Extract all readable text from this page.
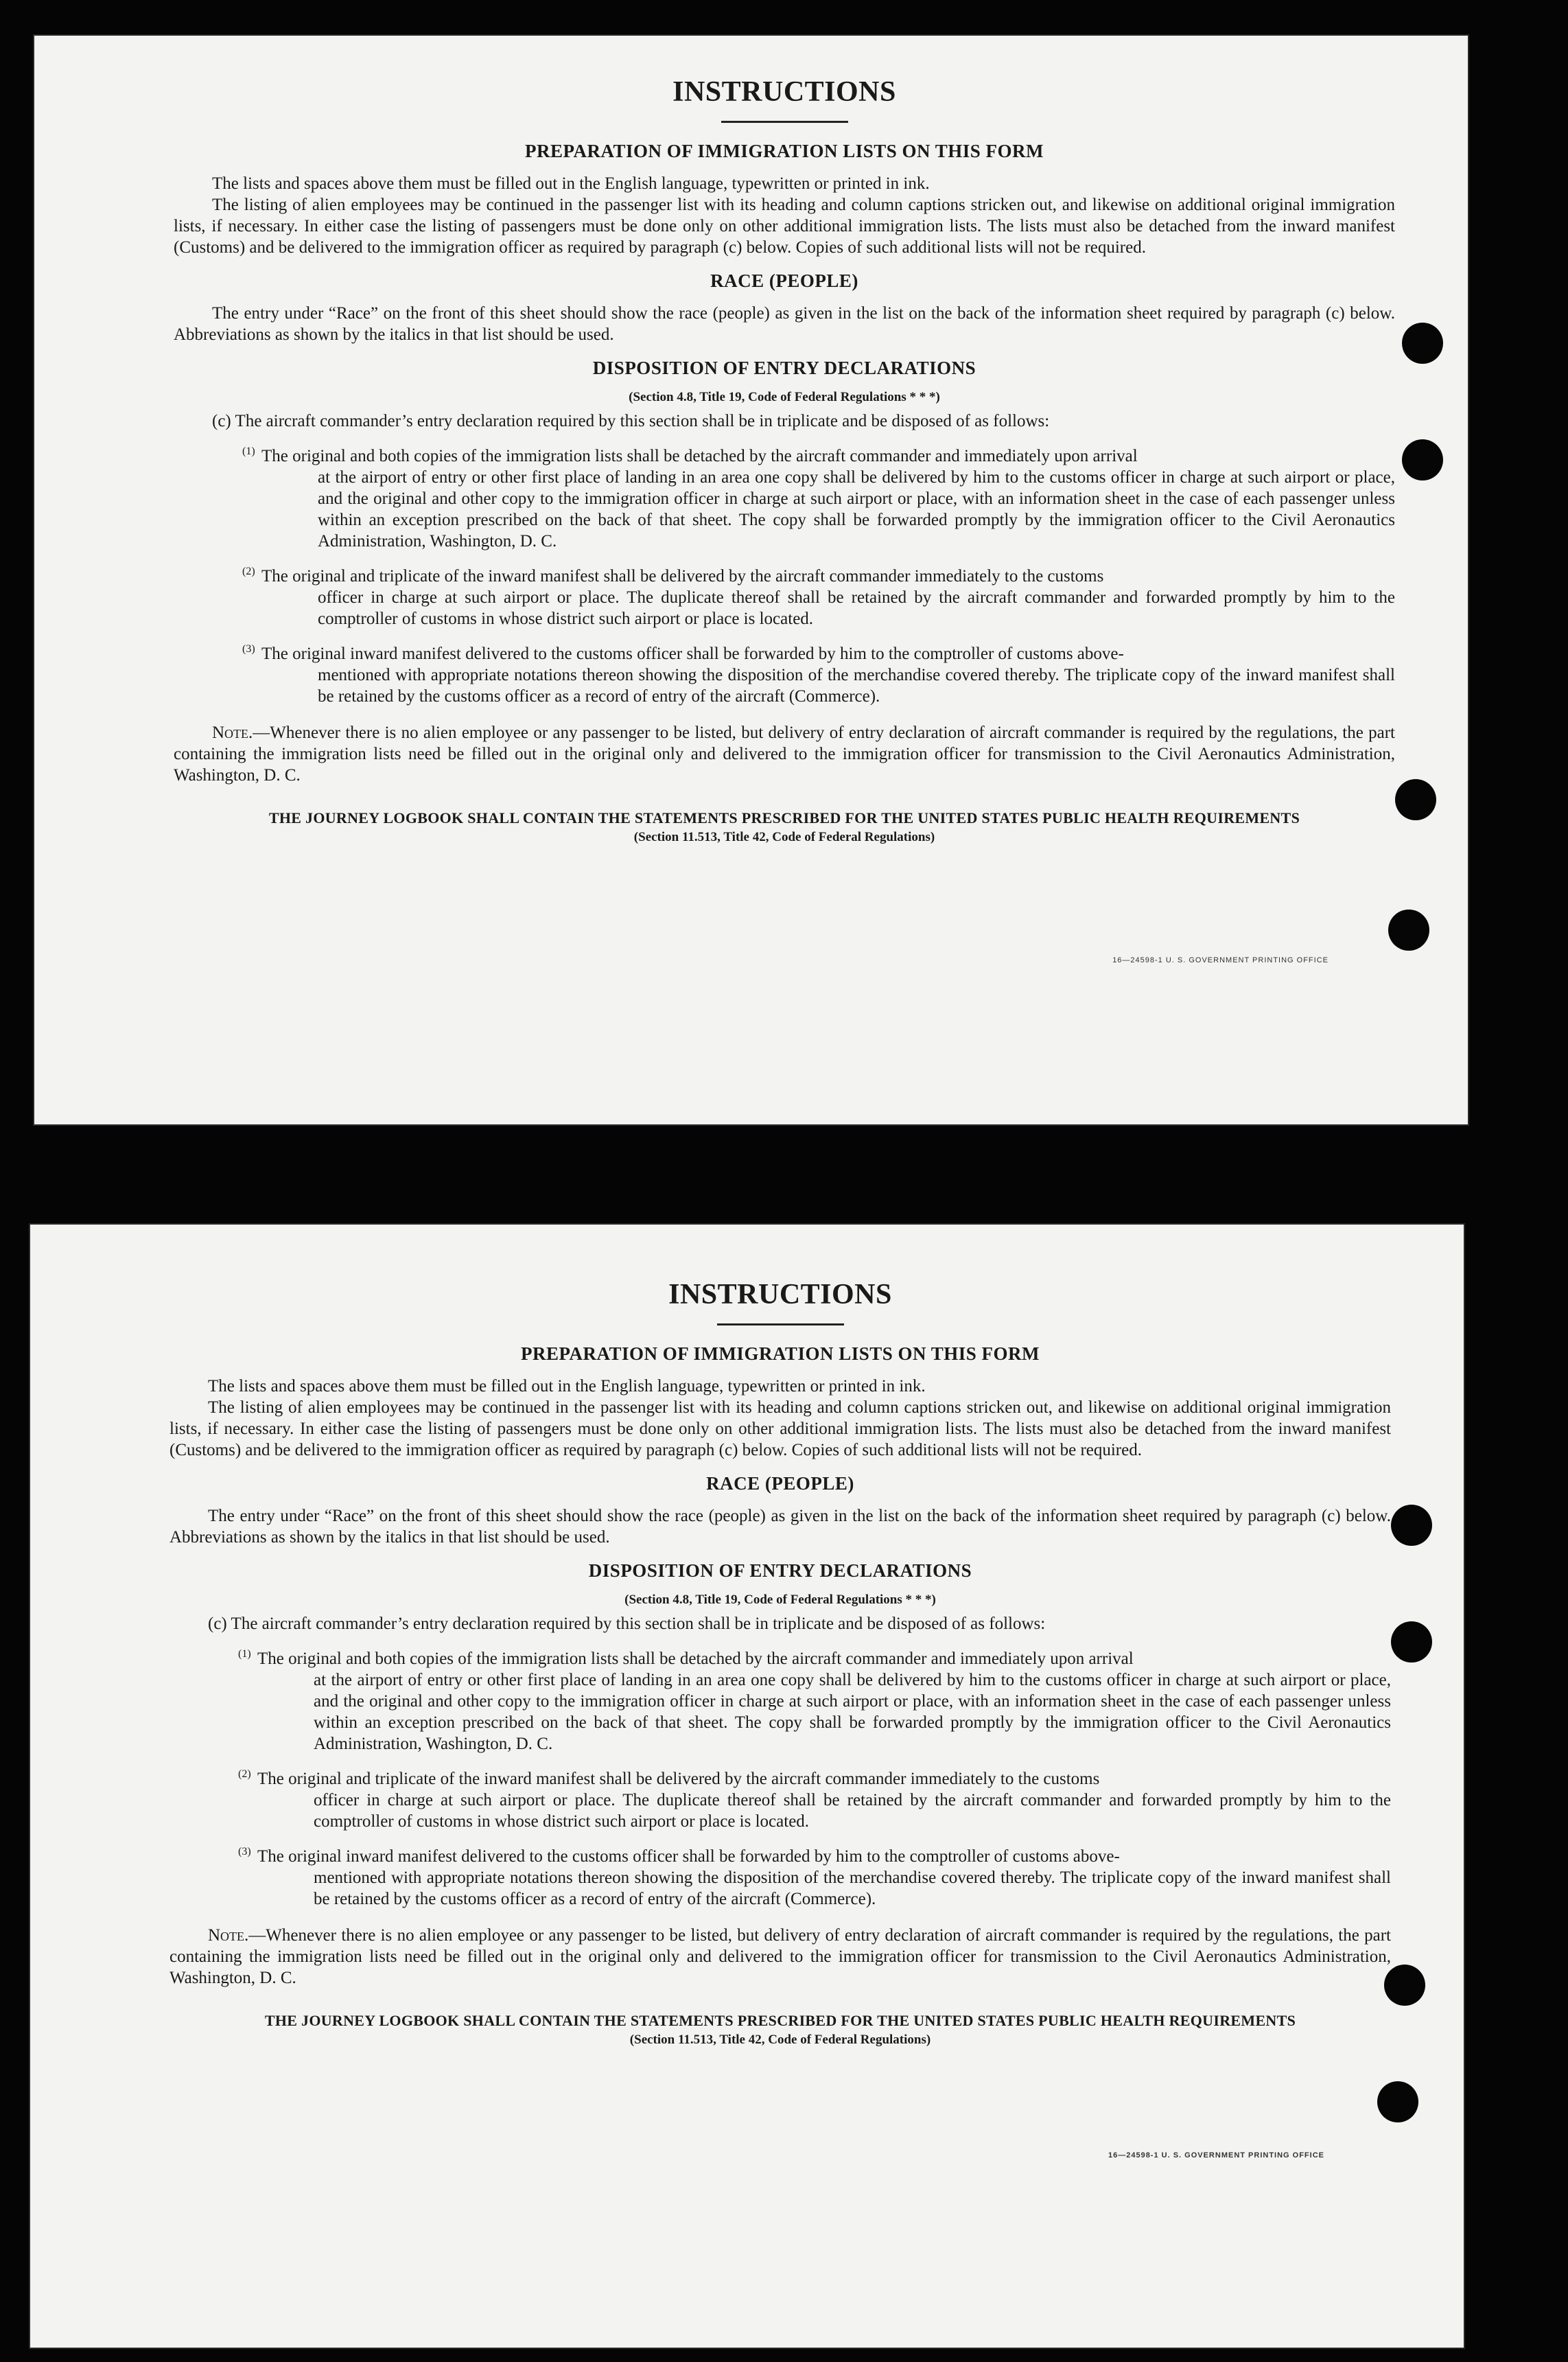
INSTRUCTIONS
PREPARATION OF IMMIGRATION LISTS ON THIS FORM

The lists and spaces above them must be filled out in the English language, typewritten or printed in ink.

The listing of alien employees may be continued in the passenger list with its heading and column captions stricken out, and likewise on additional original immigration lists, if necessary. In either case the listing of passengers must be done only on other additional immigration lists. The lists must also be detached from the inward manifest (Customs) and be delivered to the immigration officer as required by paragraph (c) below. Copies of such additional lists will not be required.

RACE (PEOPLE)

The entry under “Race” on the front of this sheet should show the race (people) as given in the list on the back of the information sheet required by paragraph (c) below. Abbreviations as shown by the italics in that list should be used.

DISPOSITION OF ENTRY DECLARATIONS
(Section 4.8, Title 19, Code of Federal Regulations * * *)

(c) The aircraft commander’s entry declaration required by this section shall be in triplicate and be disposed of as follows:

(1) The original and both copies of the immigration lists shall be detached by the aircraft commander and immediately upon arrival
at the airport of entry or other first place of landing in an area one copy shall be delivered by him to the customs officer in charge at such airport or place, and the original and other copy to the immigration officer in charge at such airport or place, with an information sheet in the case of each passenger unless within an exception prescribed on the back of that sheet. The copy shall be forwarded promptly by the immigration officer to the Civil Aeronautics Administration, Washington, D. C.

(2) The original and triplicate of the inward manifest shall be delivered by the aircraft commander immediately to the customs
officer in charge at such airport or place. The duplicate thereof shall be retained by the aircraft commander and forwarded promptly by him to the comptroller of customs in whose district such airport or place is located.

(3) The original inward manifest delivered to the customs officer shall be forwarded by him to the comptroller of customs above-
mentioned with appropriate notations thereon showing the disposition of the merchandise covered thereby. The triplicate copy of the inward manifest shall be retained by the customs officer as a record of entry of the aircraft (Commerce).

Note.—Whenever there is no alien employee or any passenger to be listed, but delivery of entry declaration of aircraft commander is required by the regulations, the part containing the immigration lists need be filled out in the original only and delivered to the immigration officer for transmission to the Civil Aeronautics Administration, Washington, D. C.

THE JOURNEY LOGBOOK SHALL CONTAIN THE STATEMENTS PRESCRIBED FOR THE UNITED STATES PUBLIC HEALTH REQUIREMENTS
(Section 11.513, Title 42, Code of Federal Regulations)
16—24598-1 U. S. GOVERNMENT PRINTING OFFICE
INSTRUCTIONS
PREPARATION OF IMMIGRATION LISTS ON THIS FORM

The lists and spaces above them must be filled out in the English language, typewritten or printed in ink.

The listing of alien employees may be continued in the passenger list with its heading and column captions stricken out, and likewise on additional original immigration lists, if necessary. In either case the listing of passengers must be done only on other additional immigration lists. The lists must also be detached from the inward manifest (Customs) and be delivered to the immigration officer as required by paragraph (c) below. Copies of such additional lists will not be required.

RACE (PEOPLE)

The entry under “Race” on the front of this sheet should show the race (people) as given in the list on the back of the information sheet required by paragraph (c) below. Abbreviations as shown by the italics in that list should be used.

DISPOSITION OF ENTRY DECLARATIONS
(Section 4.8, Title 19, Code of Federal Regulations * * *)

(c) The aircraft commander’s entry declaration required by this section shall be in triplicate and be disposed of as follows:

(1) The original and both copies of the immigration lists shall be detached by the aircraft commander and immediately upon arrival
at the airport of entry or other first place of landing in an area one copy shall be delivered by him to the customs officer in charge at such airport or place, and the original and other copy to the immigration officer in charge at such airport or place, with an information sheet in the case of each passenger unless within an exception prescribed on the back of that sheet. The copy shall be forwarded promptly by the immigration officer to the Civil Aeronautics Administration, Washington, D. C.

(2) The original and triplicate of the inward manifest shall be delivered by the aircraft commander immediately to the customs
officer in charge at such airport or place. The duplicate thereof shall be retained by the aircraft commander and forwarded promptly by him to the comptroller of customs in whose district such airport or place is located.

(3) The original inward manifest delivered to the customs officer shall be forwarded by him to the comptroller of customs above-
mentioned with appropriate notations thereon showing the disposition of the merchandise covered thereby. The triplicate copy of the inward manifest shall be retained by the customs officer as a record of entry of the aircraft (Commerce).

Note.—Whenever there is no alien employee or any passenger to be listed, but delivery of entry declaration of aircraft commander is required by the regulations, the part containing the immigration lists need be filled out in the original only and delivered to the immigration officer for transmission to the Civil Aeronautics Administration, Washington, D. C.

THE JOURNEY LOGBOOK SHALL CONTAIN THE STATEMENTS PRESCRIBED FOR THE UNITED STATES PUBLIC HEALTH REQUIREMENTS
(Section 11.513, Title 42, Code of Federal Regulations)
16—24598-1 U. S. GOVERNMENT PRINTING OFFICE
